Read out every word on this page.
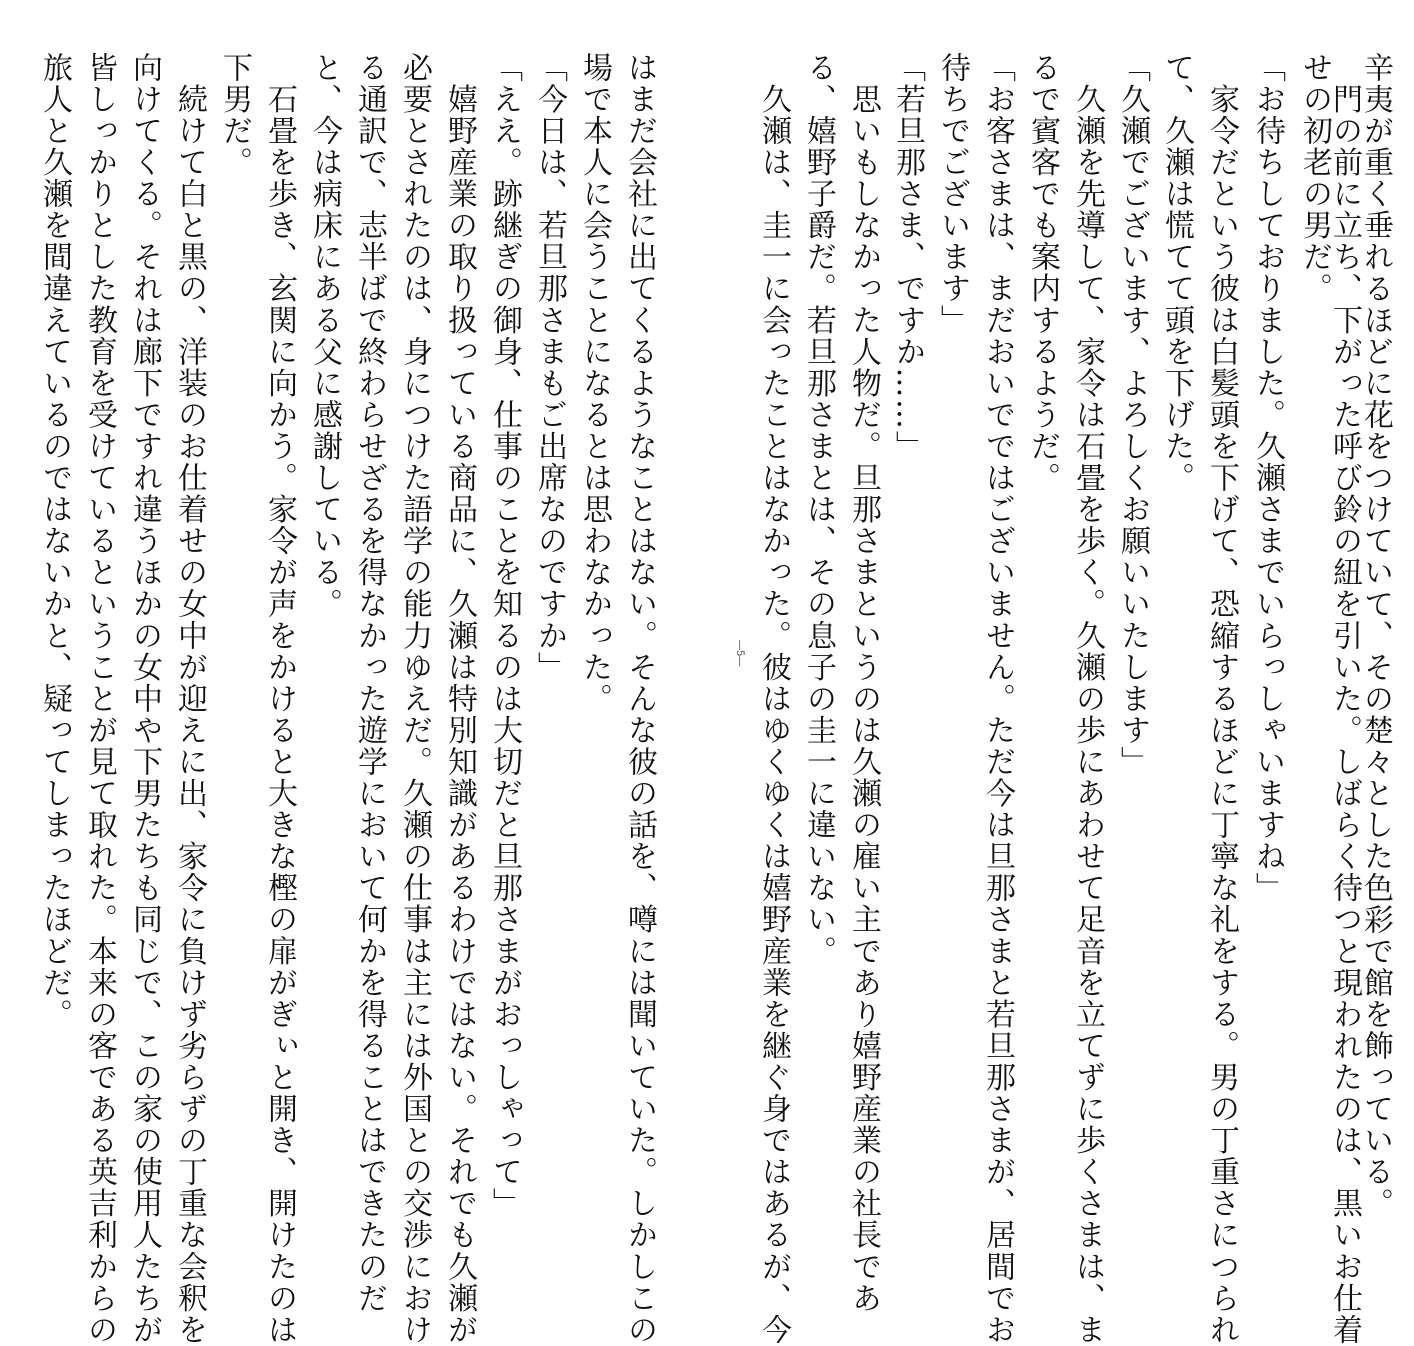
辛夷が重く垂れるほどに花をつけていて、その楚々とした色彩で館を飾っている。

　門の前に立ち、下がった呼び鈴の紐を引いた。しばらく待つと現われたのは、黒いお仕着

せの初老の男だ。

「お待ちしておりました。久瀬さまでいらっしゃいますね」

　家令だという彼は白髪頭を下げて、恐縮するほどに丁寧な礼をする。男の丁重さにつられ

て、久瀬は慌てて頭を下げた。

「久瀬でございます、よろしくお願いいたします」

　久瀬を先導して、家令は石畳を歩く。久瀬の歩にあわせて足音を立てずに歩くさまは、ま

るで賓客でも案内するようだ。

「お客さまは、まだおいでではございません。ただ今は旦那さまと若旦那さまが、居間でお

待ちでございます」

「若旦那さま、ですか……」

　思いもしなかった人物だ。旦那さまというのは久瀬の雇い主であり嬉野産業の社長であ

る、嬉野子爵だ。若旦那さまとは、その息子の圭一に違いない。

　久瀬は、圭一に会ったことはなかった。彼はゆくゆくは嬉野産業を継ぐ身ではあるが、今

―5―

はまだ会社に出てくるようなことはない。そんな彼の話を、噂には聞いていた。しかしこの

場で本人に会うことになるとは思わなかった。

「今日は、若旦那さまもご出席なのですか」

「ええ。跡継ぎの御身、仕事のことを知るのは大切だと旦那さまがおっしゃって」

　嬉野産業の取り扱っている商品に、久瀬は特別知識があるわけではない。それでも久瀬が

必要とされたのは、身につけた語学の能力ゆえだ。久瀬の仕事は主には外国との交渉におけ

る通訳で、志半ばで終わらせざるを得なかった遊学において何かを得ることはできたのだ

と、今は病床にある父に感謝している。

　石畳を歩き、玄関に向かう。家令が声をかけると大きな樫の扉がぎぃと開き、開けたのは

下男だ。

　続けて白と黒の、洋装のお仕着せの女中が迎えに出、家令に負けず劣らずの丁重な会釈を

向けてくる。それは廊下ですれ違うほかの女中や下男たちも同じで、この家の使用人たちが

皆しっかりとした教育を受けているということが見て取れた。本来の客である英吉利からの

旅人と久瀬を間違えているのではないかと、疑ってしまったほどだ。
